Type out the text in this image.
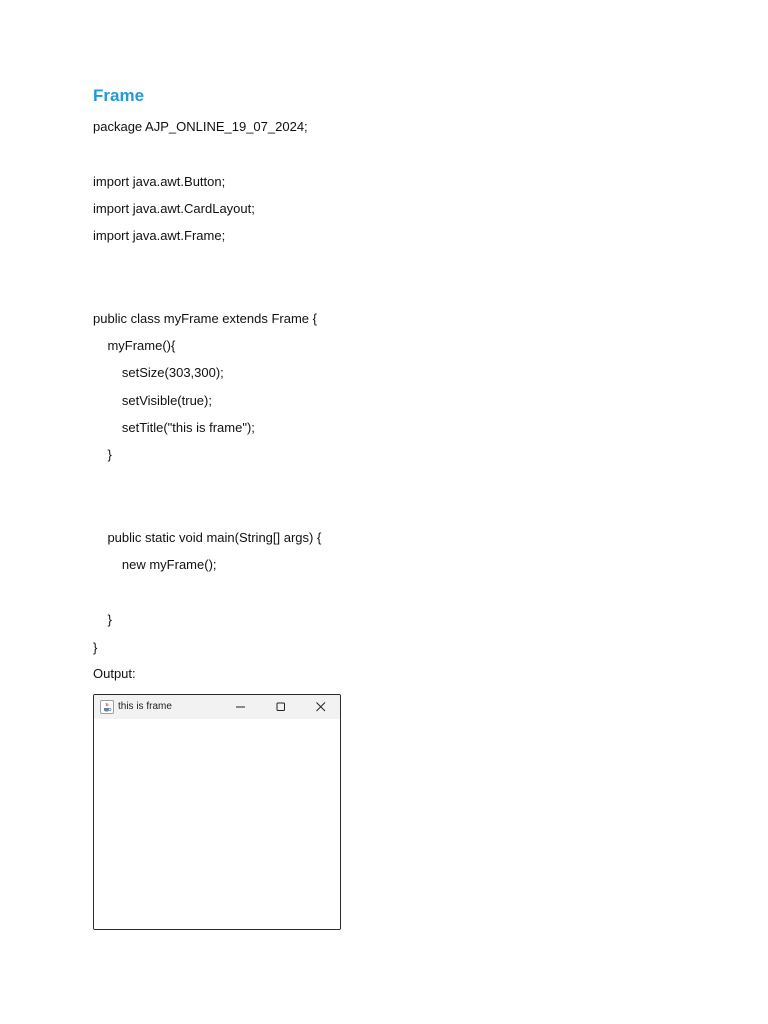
Frame
package AJP_ONLINE_19_07_2024;
import java.awt.Button;
import java.awt.CardLayout;
import java.awt.Frame;
public class myFrame extends Frame {
myFrame(){
setSize(303,300);
setVisible(true);
setTitle("this is frame");
}
public static void main(String[] args) {
new myFrame();
}
}
Output:
this is frame
